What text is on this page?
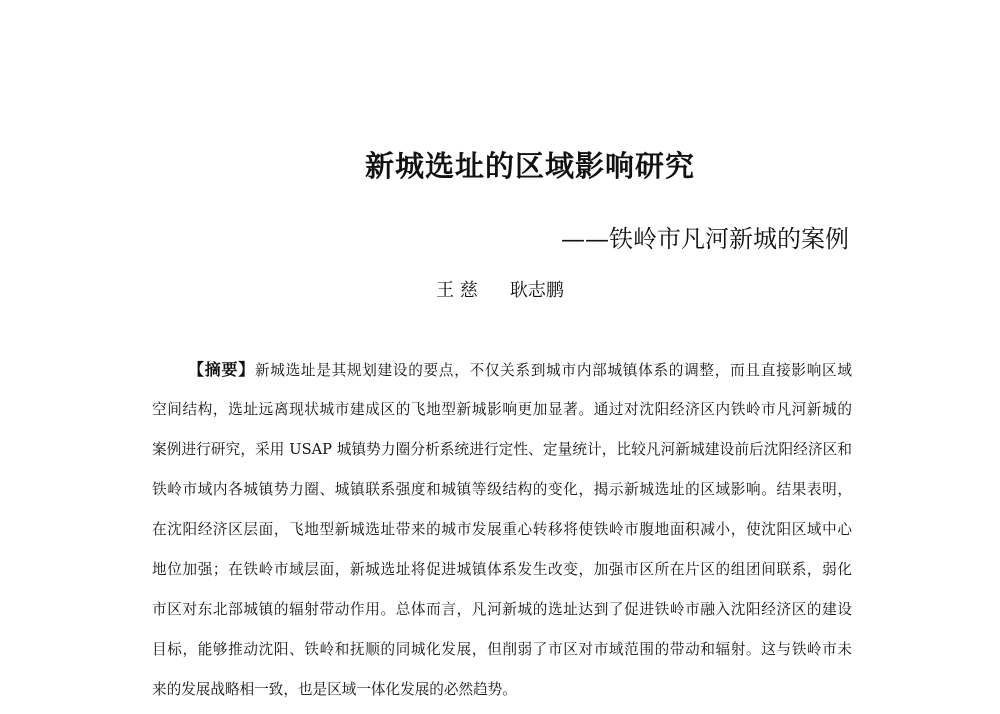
新城选址的区域影响研究

——铁岭市凡河新城的案例

王 慈 耿志鹏

【摘要】新城选址是其规划建设的要点，不仅关系到城市内部城镇体系的调整，而且直接影响区域
空间结构，选址远离现状城市建成区的飞地型新城影响更加显著。通过对沈阳经济区内铁岭市凡河新城的
案例进行研究，采用 USAP 城镇势力圈分析系统进行定性、定量统计，比较凡河新城建设前后沈阳经济区和
铁岭市域内各城镇势力圈、城镇联系强度和城镇等级结构的变化，揭示新城选址的区域影响。结果表明，
在沈阳经济区层面，飞地型新城选址带来的城市发展重心转移将使铁岭市腹地面积减小，使沈阳区域中心
地位加强；在铁岭市域层面，新城选址将促进城镇体系发生改变，加强市区所在片区的组团间联系，弱化
市区对东北部城镇的辐射带动作用。总体而言，凡河新城的选址达到了促进铁岭市融入沈阳经济区的建设
目标，能够推动沈阳、铁岭和抚顺的同城化发展，但削弱了市区对市域范围的带动和辐射。这与铁岭市未
来的发展战略相一致，也是区域一体化发展的必然趋势。
